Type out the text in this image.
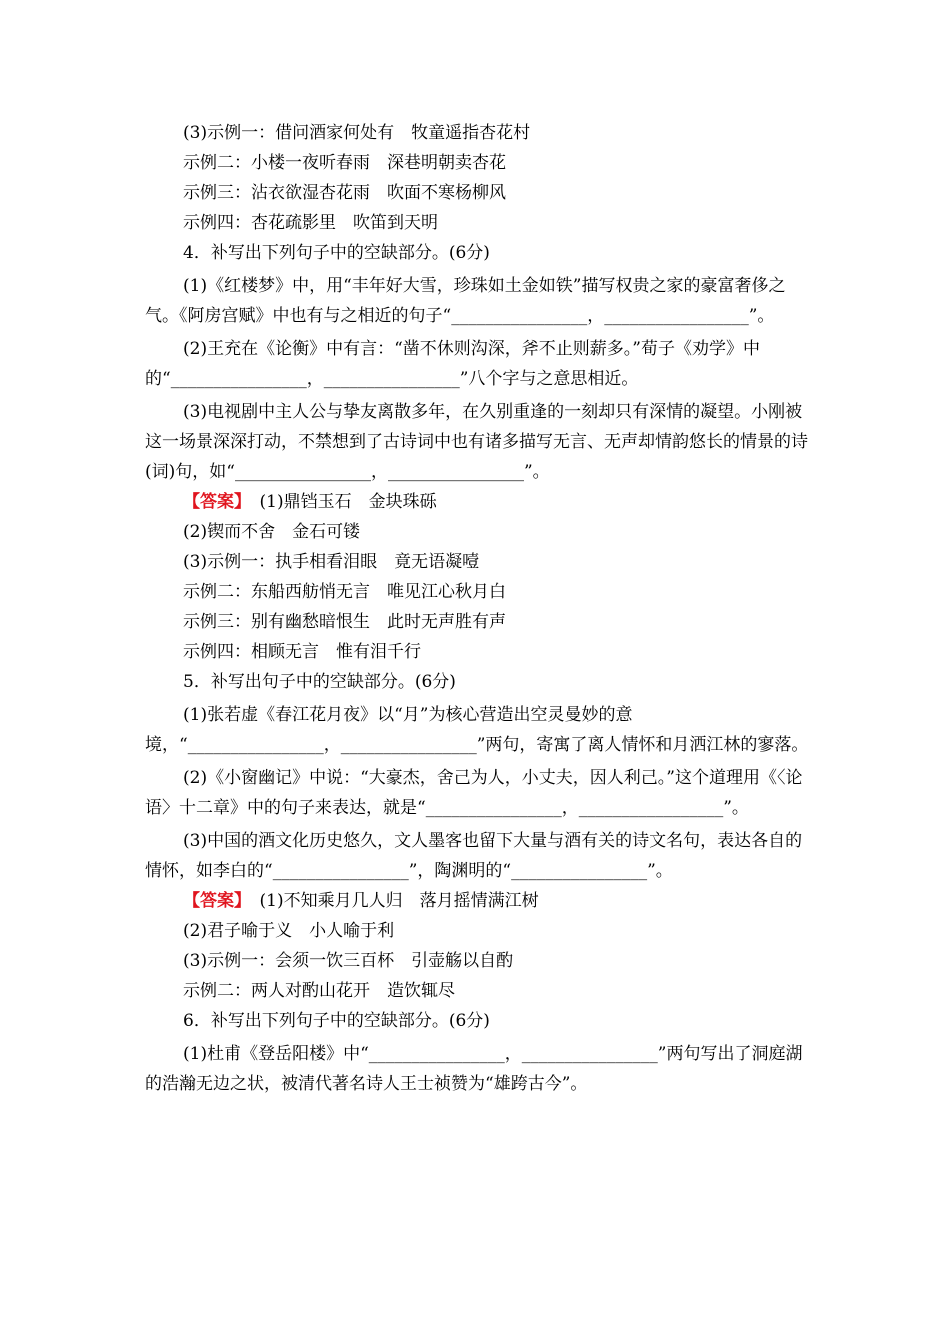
(3)示例一：借问酒家何处有　牧童遥指杏花村
示例二：小楼一夜听春雨　深巷明朝卖杏花
示例三：沾衣欲湿杏花雨　吹面不寒杨柳风
示例四：杏花疏影里　吹笛到天明
4．补写出下列句子中的空缺部分。(6分)
(1)《红楼梦》中，用“丰年好大雪，珍珠如土金如铁”描写权贵之家的豪富奢侈之气。《阿房宫赋》中也有与之相近的句子“________________，_________________”。
(2)王充在《论衡》中有言：“凿不休则沟深，斧不止则薪多。”荀子《劝学》中的“________________，________________”八个字与之意思相近。
(3)电视剧中主人公与挚友离散多年，在久别重逢的一刻却只有深情的凝望。小刚被这一场景深深打动，不禁想到了古诗词中也有诸多描写无言、无声却情韵悠长的情景的诗(词)句，如“________________，________________”。
【答案】　(1)鼎铛玉石　金块珠砾
(2)锲而不舍　金石可镂
(3)示例一：执手相看泪眼　竟无语凝噎
示例二：东船西舫悄无言　唯见江心秋月白
示例三：别有幽愁暗恨生　此时无声胜有声
示例四：相顾无言　惟有泪千行
5．补写出句子中的空缺部分。(6分)
(1)张若虚《春江花月夜》以“月”为核心营造出空灵曼妙的意境，“________________，________________”两句，寄寓了离人情怀和月洒江林的寥落。
(2)《小窗幽记》中说：“大豪杰，舍己为人，小丈夫，因人利己。”这个道理用《〈论语〉十二章》中的句子来表达，就是“________________，_________________”。
(3)中国的酒文化历史悠久，文人墨客也留下大量与酒有关的诗文名句，表达各自的情怀，如李白的“________________”，陶渊明的“________________”。
【答案】　(1)不知乘月几人归　落月摇情满江树
(2)君子喻于义　小人喻于利
(3)示例一：会须一饮三百杯　引壶觞以自酌
示例二：两人对酌山花开　造饮辄尽
6．补写出下列句子中的空缺部分。(6分)
(1)杜甫《登岳阳楼》中“________________，________________”两句写出了洞庭湖的浩瀚无边之状，被清代著名诗人王士祯赞为“雄跨古今”。
